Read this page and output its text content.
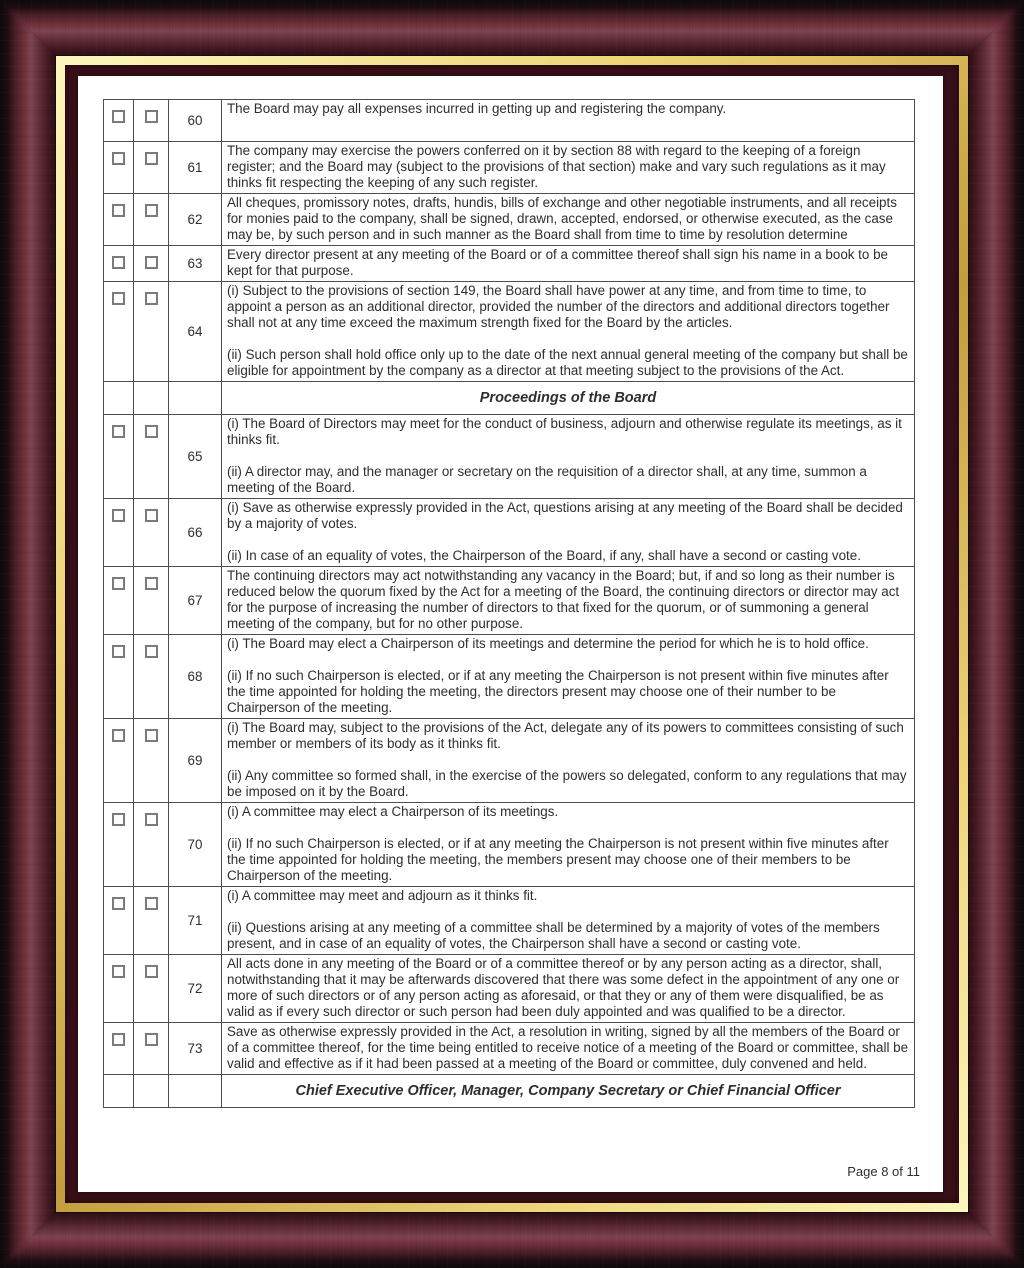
		60	The Board may pay all expenses incurred in getting up and registering the company.

		61	The company may exercise the powers conferred on it by section 88 with regard to the keeping of a foreign register; and the Board may (subject to the provisions of that section) make and vary such regulations as it may thinks fit respecting the keeping of any such register.

		62	All cheques, promissory notes, drafts, hundis, bills of exchange and other negotiable instruments, and all receipts for monies paid to the company, shall be signed, drawn, accepted, endorsed, or otherwise executed, as the case may be, by such person and in such manner as the Board shall from time to time by resolution determine

		63	Every director present at any meeting of the Board or of a committee thereof shall sign his name in a book to be kept for that purpose.

		64	(i) Subject to the provisions of section 149, the Board shall have power at any time, and from time to time, to appoint a person as an additional director, provided the number of the directors and additional directors together shall not at any time exceed the maximum strength fixed for the Board by the articles.
(ii) Such person shall hold office only up to the date of the next annual general meeting of the company but shall be eligible for appointment by the company as a director at that meeting subject to the provisions of the Act.

			Proceedings of the Board
		65	(i) The Board of Directors may meet for the conduct of business, adjourn and otherwise regulate its meetings, as it thinks fit.
(ii) A director may, and the manager or secretary on the requisition of a director shall, at any time, summon a meeting of the Board.

		66	(i) Save as otherwise expressly provided in the Act, questions arising at any meeting of the Board shall be decided by a majority of votes.
(ii) In case of an equality of votes, the Chairperson of the Board, if any, shall have a second or casting vote.

		67	The continuing directors may act notwithstanding any vacancy in the Board; but, if and so long as their number is reduced below the quorum fixed by the Act for a meeting of the Board, the continuing directors or director may act for the purpose of increasing the number of directors to that fixed for the quorum, or of summoning a general meeting of the company, but for no other purpose.

		68	(i) The Board may elect a Chairperson of its meetings and determine the period for which he is to hold office.
(ii) If no such Chairperson is elected, or if at any meeting the Chairperson is not present within five minutes after the time appointed for holding the meeting, the directors present may choose one of their number to be Chairperson of the meeting.

		69	(i) The Board may, subject to the provisions of the Act, delegate any of its powers to committees consisting of such member or members of its body as it thinks fit.
(ii) Any committee so formed shall, in the exercise of the powers so delegated, conform to any regulations that may be imposed on it by the Board.

		70	(i) A committee may elect a Chairperson of its meetings.
(ii) If no such Chairperson is elected, or if at any meeting the Chairperson is not present within five minutes after the time appointed for holding the meeting, the members present may choose one of their members to be Chairperson of the meeting.

		71	(i) A committee may meet and adjourn as it thinks fit.
(ii) Questions arising at any meeting of a committee shall be determined by a majority of votes of the members present, and in case of an equality of votes, the Chairperson shall have a second or casting vote.

		72	All acts done in any meeting of the Board or of a committee thereof or by any person acting as a director, shall, notwithstanding that it may be afterwards discovered that there was some defect in the appointment of any one or more of such directors or of any person acting as aforesaid, or that they or any of them were disqualified, be as valid as if every such director or such person had been duly appointed and was qualified to be a director.

		73	Save as otherwise expressly provided in the Act, a resolution in writing, signed by all the members of the Board or of a committee thereof, for the time being entitled to receive notice of a meeting of the Board or committee, shall be valid and effective as if it had been passed at a meeting of the Board or committee, duly convened and held.

			Chief Executive Officer, Manager, Company Secretary or Chief Financial Officer
Page 8 of 11
